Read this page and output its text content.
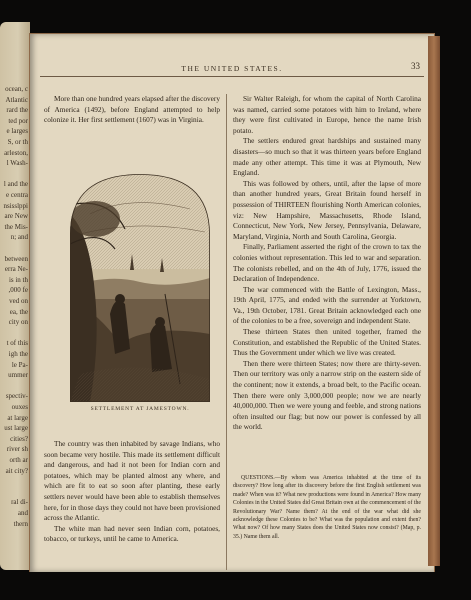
ocean, c
Atlantic
rard the
ted por
e larges
S, or th
arleston,
l Wash-
l and the
e centra
nsisslppi
are New
the Mis-
n; and
between
erra Ne-
is in th
,000 fe
ved on
ea, the
city on
t of this
igh the
le Pa-
ummer
spectiv-
ouxes
at large
ust large
cities?
river sh
orth ar
ait city?
ral di-
and
thern
THE UNITED STATES.	33

More than one hundred years elapsed after the discovery of America (1492), before England attempted to help colonize it. Her first settlement (1607) was in Virginia.

SETTLEMENT AT JAMESTOWN.

The country was then inhabited by savage Indians, who soon became very hostile. This made its settlement difficult and dangerous, and had it not been for Indian corn and potatoes, which may be planted almost any where, and which are fit to eat so soon after planting, these early settlers never would have been able to establish themselves here, for in those days they could not have been provisioned across the Atlantic.

The white man had never seen Indian corn, potatoes, tobacco, or turkeys, until he came to America.

Sir Walter Raleigh, for whom the capital of North Carolina was named, carried some potatoes with him to Ireland, where they were first cultivated in Europe, hence the name Irish potato.

The settlers endured great hardships and sustained many disasters—so much so that it was thirteen years before England made any other attempt. This time it was at Plymouth, New England.

This was followed by others, until, after the lapse of more than another hundred years, Great Britain found herself in possession of THIRTEEN flourishing North American colonies, viz: New Hampshire, Massachusetts, Rhode Island, Connecticut, New York, New Jersey, Pennsylvania, Delaware, Maryland, Virginia, North and South Carolina, Georgia.

Finally, Parliament asserted the right of the crown to tax the colonies without representation. This led to war and separation. The colonists rebelled, and on the 4th of July, 1776, issued the Declaration of Independence.

The war commenced with the Battle of Lexington, Mass., 19th April, 1775, and ended with the surrender at Yorktown, Va., 19th October, 1781. Great Britain acknowledged each one of the colonies to be a free, sovereign and independent State.

These thirteen States then united together, framed the Constitution, and established the Republic of the United States. Thus the Government under which we live was created.

Then there were thirteen States; now there are thirty-seven. Then our territory was only a narrow strip on the eastern side of the continent; now it extends, a broad belt, to the Pacific ocean. Then there were only 3,000,000 people; now we are nearly 40,000,000. Then we were young and feeble, and strong nations often insulted our flag; but now our power is confessed by all the world.

QUESTIONS.—By whom was America inhabited at the time of its discovery? How long after its discovery before the first English settlement was made? When was it? What new productions were found in America? How many Colonies in the United States did Great Britain own at the commencement of the Revolutionary War? Name them? At the end of the war what did she acknowledge these Colonies to be? What was the population and extent then? What now? Of how many States does the United States now consist? (Map, p. 35.) Name them all.
